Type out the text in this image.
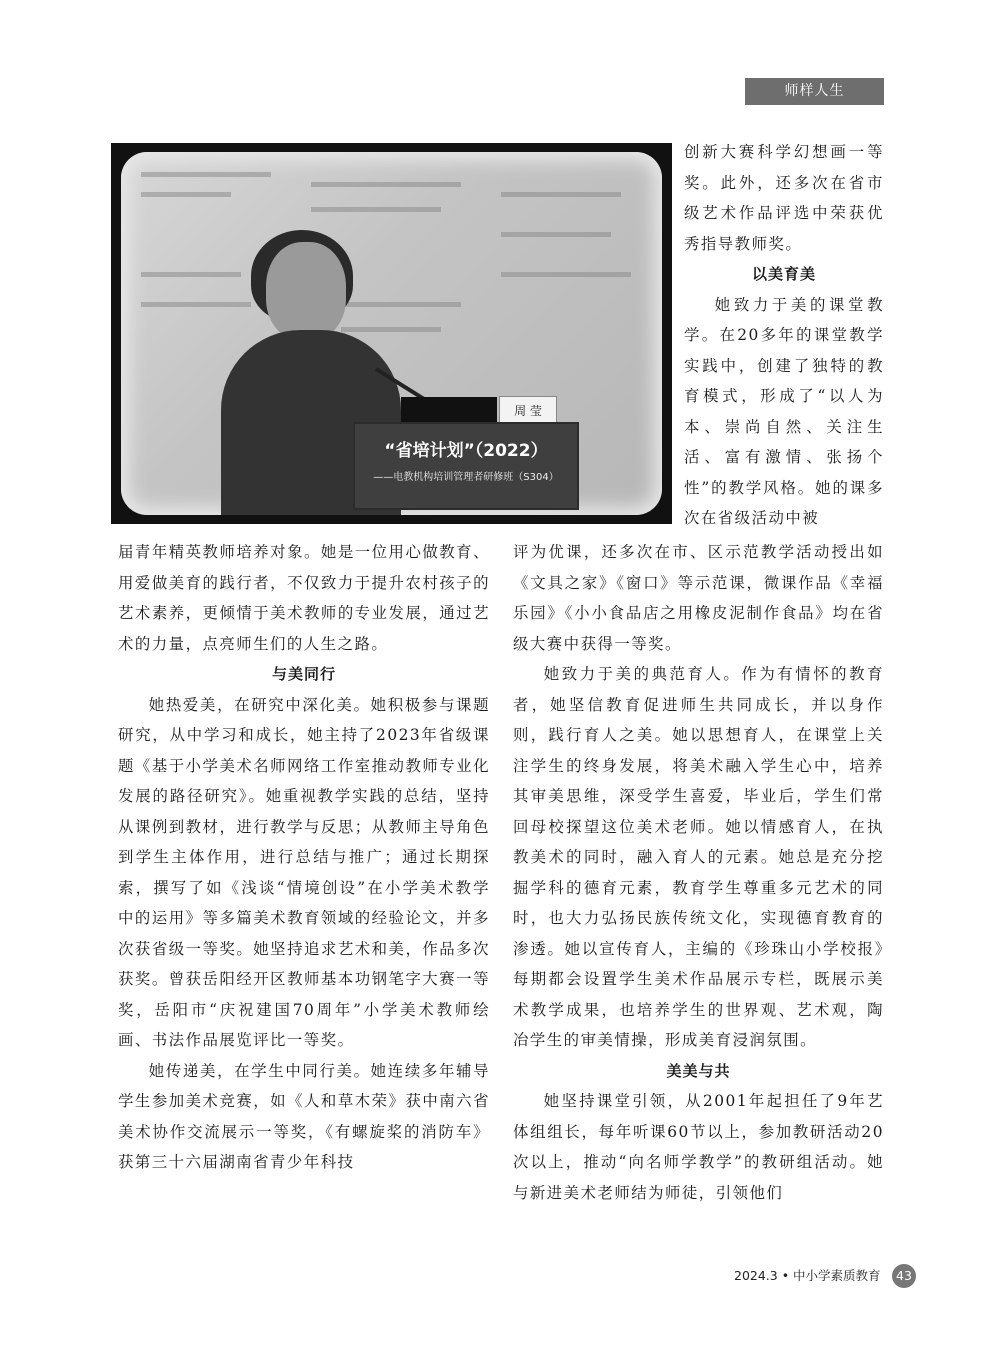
师样人生
周 莹
“省培计划”（2022）
——电教机构培训管理者研修班（S304）

创新大赛科学幻想画一等奖。此外，还多次在省市级艺术作品评选中荣获优秀指导教师奖。

以美育美

她致力于美的课堂教学。在20多年的课堂教学实践中，创建了独特的教育模式，形成了“以人为本、崇尚自然、关注生活、富有激情、张扬个性”的教学风格。她的课多次在省级活动中被

届青年精英教师培养对象。她是一位用心做教育、用爱做美育的践行者，不仅致力于提升农村孩子的艺术素养，更倾情于美术教师的专业发展，通过艺术的力量，点亮师生们的人生之路。

与美同行

她热爱美，在研究中深化美。她积极参与课题研究，从中学习和成长，她主持了2023年省级课题《基于小学美术名师网络工作室推动教师专业化发展的路径研究》。她重视教学实践的总结，坚持从课例到教材，进行教学与反思；从教师主导角色到学生主体作用，进行总结与推广；通过长期探索，撰写了如《浅谈“情境创设”在小学美术教学中的运用》等多篇美术教育领域的经验论文，并多次获省级一等奖。她坚持追求艺术和美，作品多次获奖。曾获岳阳经开区教师基本功钢笔字大赛一等奖，岳阳市“庆祝建国70周年”小学美术教师绘画、书法作品展览评比一等奖。

她传递美，在学生中同行美。她连续多年辅导学生参加美术竞赛，如《人和草木荣》获中南六省美术协作交流展示一等奖，《有螺旋桨的消防车》获第三十六届湖南省青少年科技

评为优课，还多次在市、区示范教学活动授出如《文具之家》《窗口》等示范课，微课作品《幸福乐园》《小小食品店之用橡皮泥制作食品》均在省级大赛中获得一等奖。

她致力于美的典范育人。作为有情怀的教育者，她坚信教育促进师生共同成长，并以身作则，践行育人之美。她以思想育人，在课堂上关注学生的终身发展，将美术融入学生心中，培养其审美思维，深受学生喜爱，毕业后，学生们常回母校探望这位美术老师。她以情感育人，在执教美术的同时，融入育人的元素。她总是充分挖掘学科的德育元素，教育学生尊重多元艺术的同时，也大力弘扬民族传统文化，实现德育教育的渗透。她以宣传育人，主编的《珍珠山小学校报》每期都会设置学生美术作品展示专栏，既展示美术教学成果，也培养学生的世界观、艺术观，陶冶学生的审美情操，形成美育浸润氛围。

美美与共

她坚持课堂引领，从2001年起担任了9年艺体组组长，每年听课60节以上，参加教研活动20次以上，推动“向名师学教学”的教研组活动。她与新进美术老师结为师徒，引领他们

2024.3 • 中小学素质教育	43
